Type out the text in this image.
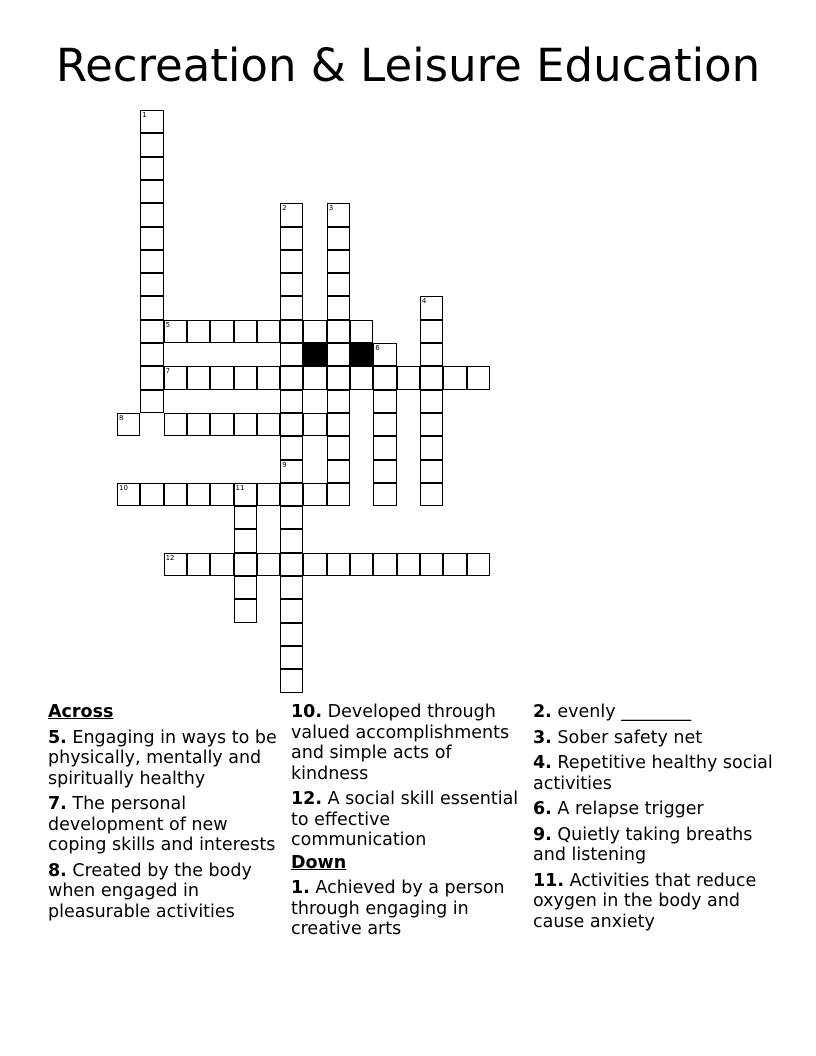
Recreation & Leisure Education
1
2	3
4
5
6
7
8
9
10	11
12
Across
5. Engaging in ways to be physically, mentally and spiritually healthy
7. The personal development of new coping skills and interests
8. Created by the body when engaged in pleasurable activities
10. Developed through valued accomplishments and simple acts of kindness
12. A social skill essential to effective communication
Down
1. Achieved by a person through engaging in creative arts
2. evenly ________
3. Sober safety net
4. Repetitive healthy social activities
6. A relapse trigger
9. Quietly taking breaths and listening
11. Activities that reduce oxygen in the body and cause anxiety
